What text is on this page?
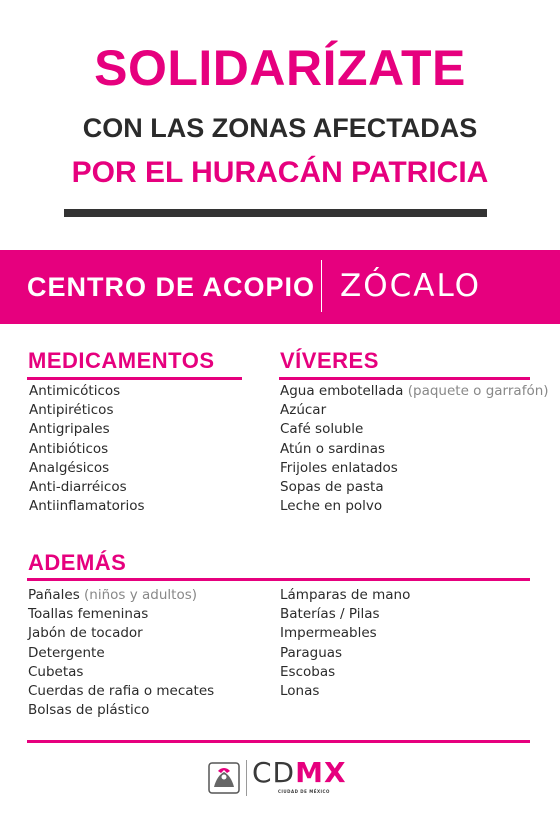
SOLIDARÍZATE
CON LAS ZONAS AFECTADAS
POR EL HURACÁN PATRICIA
CENTRO DE ACOPIO ZÓCALO
MEDICAMENTOS
Antimicóticos
Antipiréticos
Antigripales
Antibióticos
Analgésicos
Anti-diarréicos
Antiinflamatorios
VÍVERES
Agua embotellada (paquete o garrafón)
Azúcar
Café soluble
Atún o sardinas
Frijoles enlatados
Sopas de pasta
Leche en polvo
ADEMÁS
Pañales (niños y adultos)
Toallas femeninas
Jabón de tocador
Detergente
Cubetas
Cuerdas de rafia o mecates
Bolsas de plástico
Lámparas de mano
Baterías / Pilas
Impermeables
Paraguas
Escobas
Lonas
CDMX
CIUDAD DE MÉXICO
